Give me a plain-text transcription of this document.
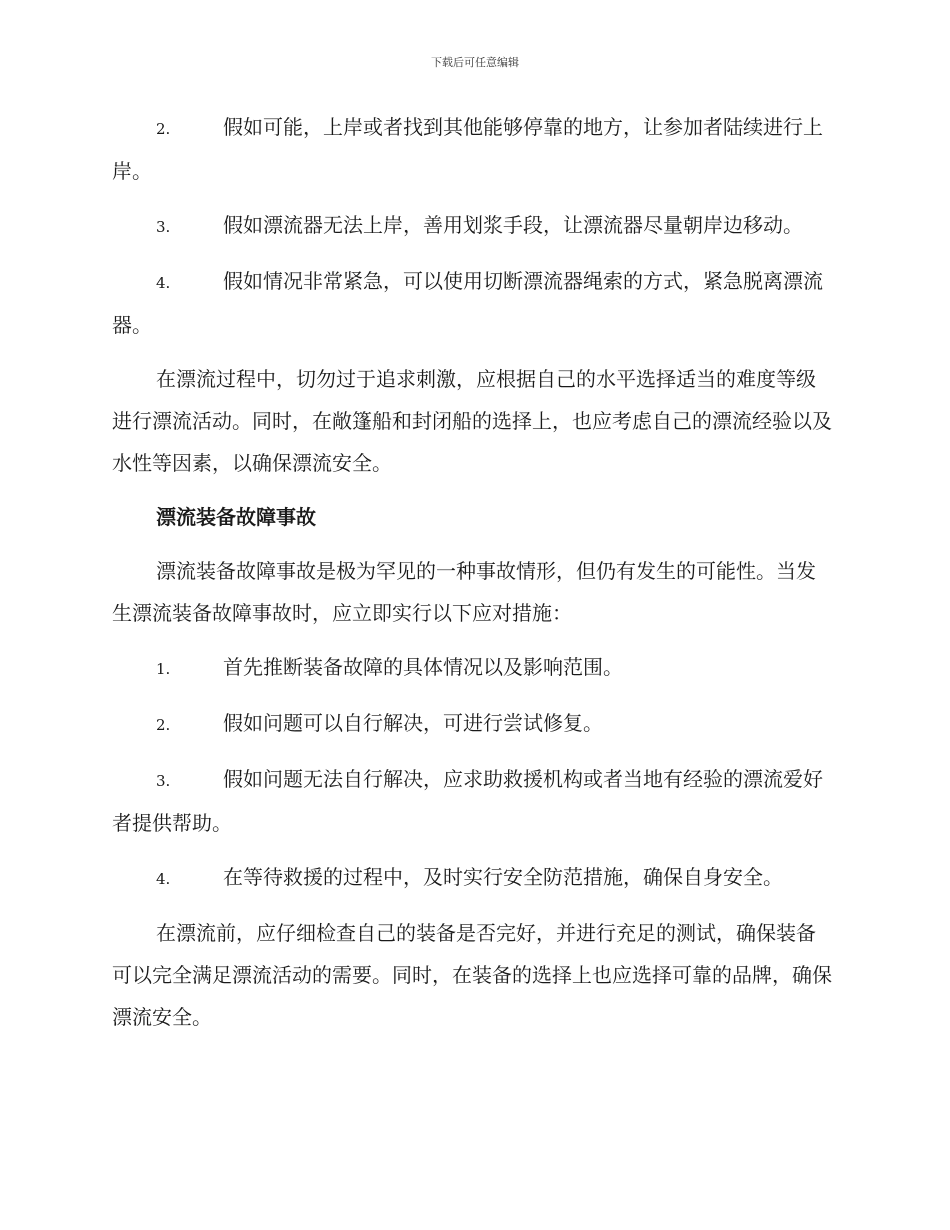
下载后可任意编辑
2.	假如可能，上岸或者找到其他能够停靠的地方，让参加者陆续进行上岸。
3.	假如漂流器无法上岸，善用划浆手段，让漂流器尽量朝岸边移动。
4.	假如情况非常紧急，可以使用切断漂流器绳索的方式，紧急脱离漂流器。
在漂流过程中，切勿过于追求刺激，应根据自己的水平选择适当的难度等级进行漂流活动。同时，在敞篷船和封闭船的选择上，也应考虑自己的漂流经验以及水性等因素，以确保漂流安全。
漂流装备故障事故
漂流装备故障事故是极为罕见的一种事故情形，但仍有发生的可能性。当发生漂流装备故障事故时，应立即实行以下应对措施：
1.	首先推断装备故障的具体情况以及影响范围。
2.	假如问题可以自行解决，可进行尝试修复。
3.	假如问题无法自行解决，应求助救援机构或者当地有经验的漂流爱好者提供帮助。
4.	在等待救援的过程中，及时实行安全防范措施，确保自身安全。
在漂流前，应仔细检查自己的装备是否完好，并进行充足的测试，确保装备可以完全满足漂流活动的需要。同时，在装备的选择上也应选择可靠的品牌，确保漂流安全。
